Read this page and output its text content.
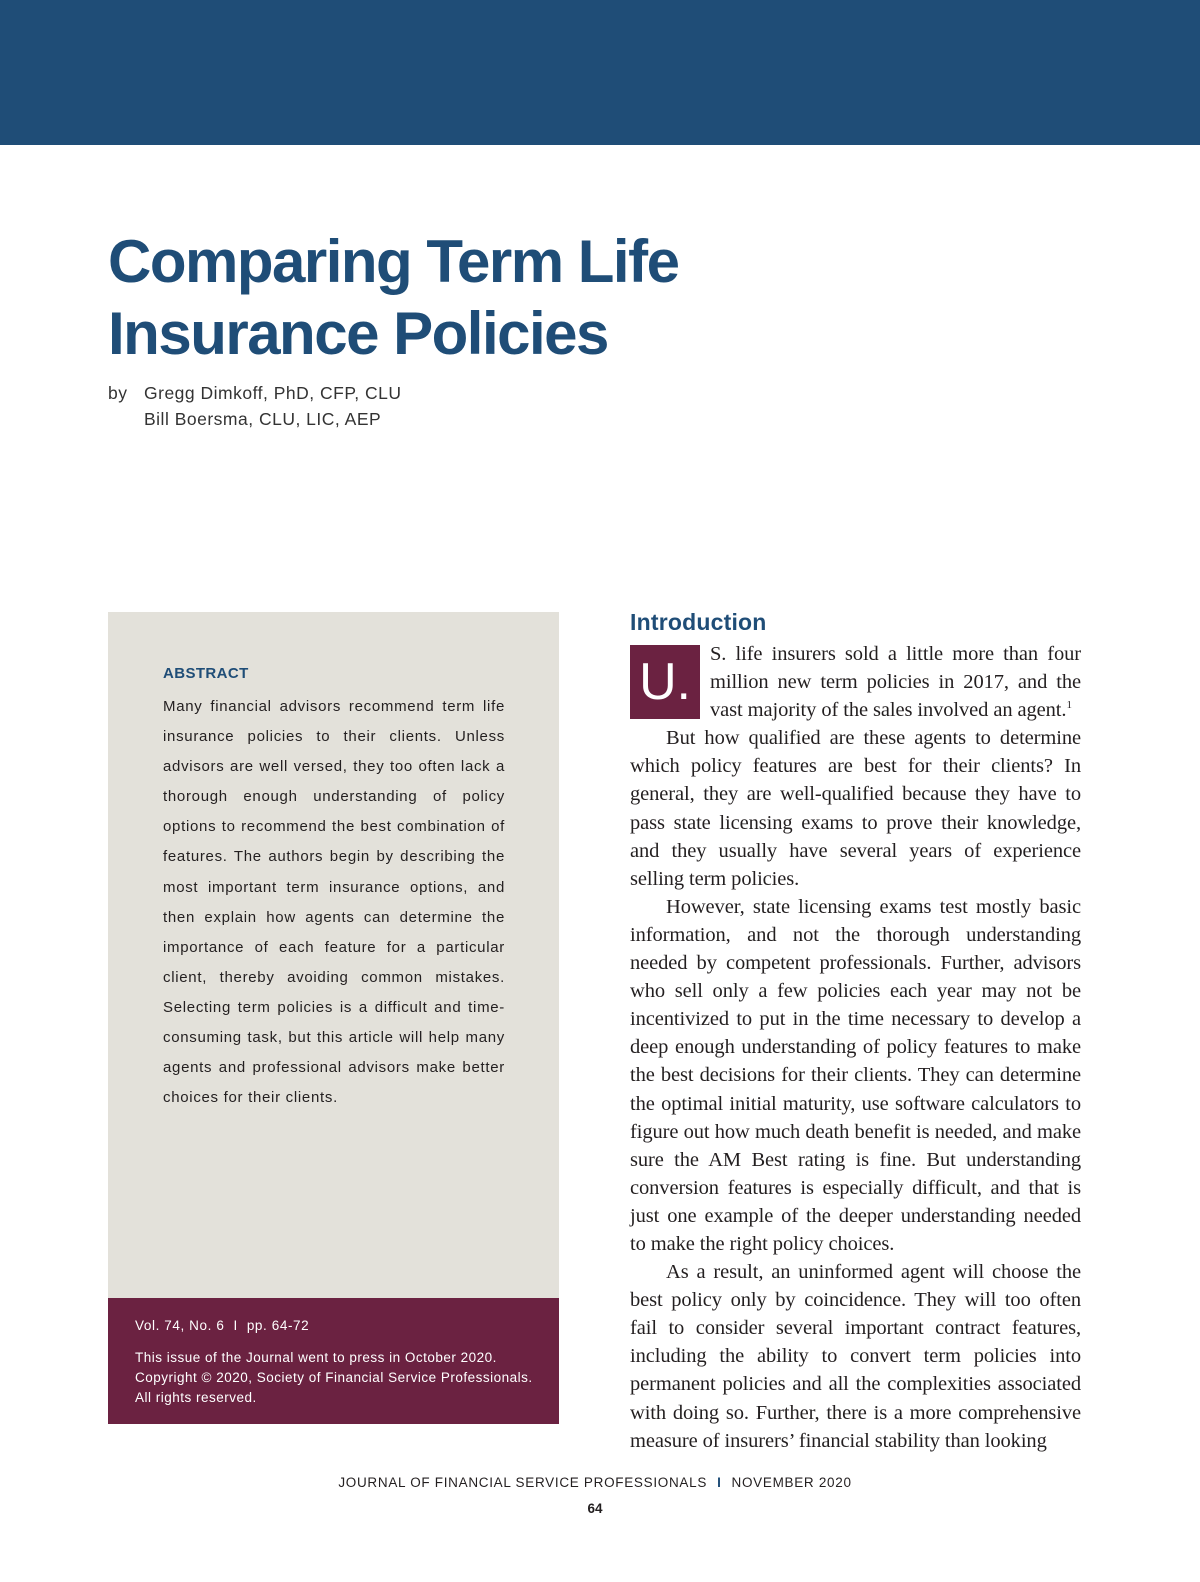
Comparing Term Life Insurance Policies
by Gregg Dimkoff, PhD, CFP, CLU
Bill Boersma, CLU, LIC, AEP
ABSTRACT

Many financial advisors recommend term life insurance policies to their clients. Unless advisors are well versed, they too often lack a thorough enough understanding of policy options to recommend the best combination of features. The authors begin by describing the most important term insurance options, and then explain how agents can determine the importance of each feature for a particular client, thereby avoiding common mistakes. Selecting term policies is a difficult and time-consuming task, but this article will help many agents and professional advisors make better choices for their clients.

Vol. 74, No. 6 I pp. 64-72

This issue of the Journal went to press in October 2020. Copyright © 2020, Society of Financial Service Professionals. All rights reserved.

Introduction
U. S. life insurers sold a little more than four million new term policies in 2017, and the vast majority of the sales involved an agent.$^1$

But how qualified are these agents to determine which policy features are best for their clients? In general, they are well-qualified because they have to pass state licensing exams to prove their knowledge, and they usually have several years of experience selling term policies.

However, state licensing exams test mostly basic information, and not the thorough understanding needed by competent professionals. Further, advisors who sell only a few policies each year may not be incentivized to put in the time necessary to develop a deep enough understanding of policy features to make the best decisions for their clients. They can determine the optimal initial maturity, use software calculators to figure out how much death benefit is needed, and make sure the AM Best rating is fine. But understanding conversion features is especially difficult, and that is just one example of the deeper understanding needed to make the right policy choices.

As a result, an uninformed agent will choose the best policy only by coincidence. They will too often fail to consider several important contract features, including the ability to convert term policies into permanent policies and all the complexities associated with doing so. Further, there is a more comprehensive measure of insurers’ financial stability than looking

JOURNAL OF FINANCIAL SERVICE PROFESSIONALS I NOVEMBER 2020
64
